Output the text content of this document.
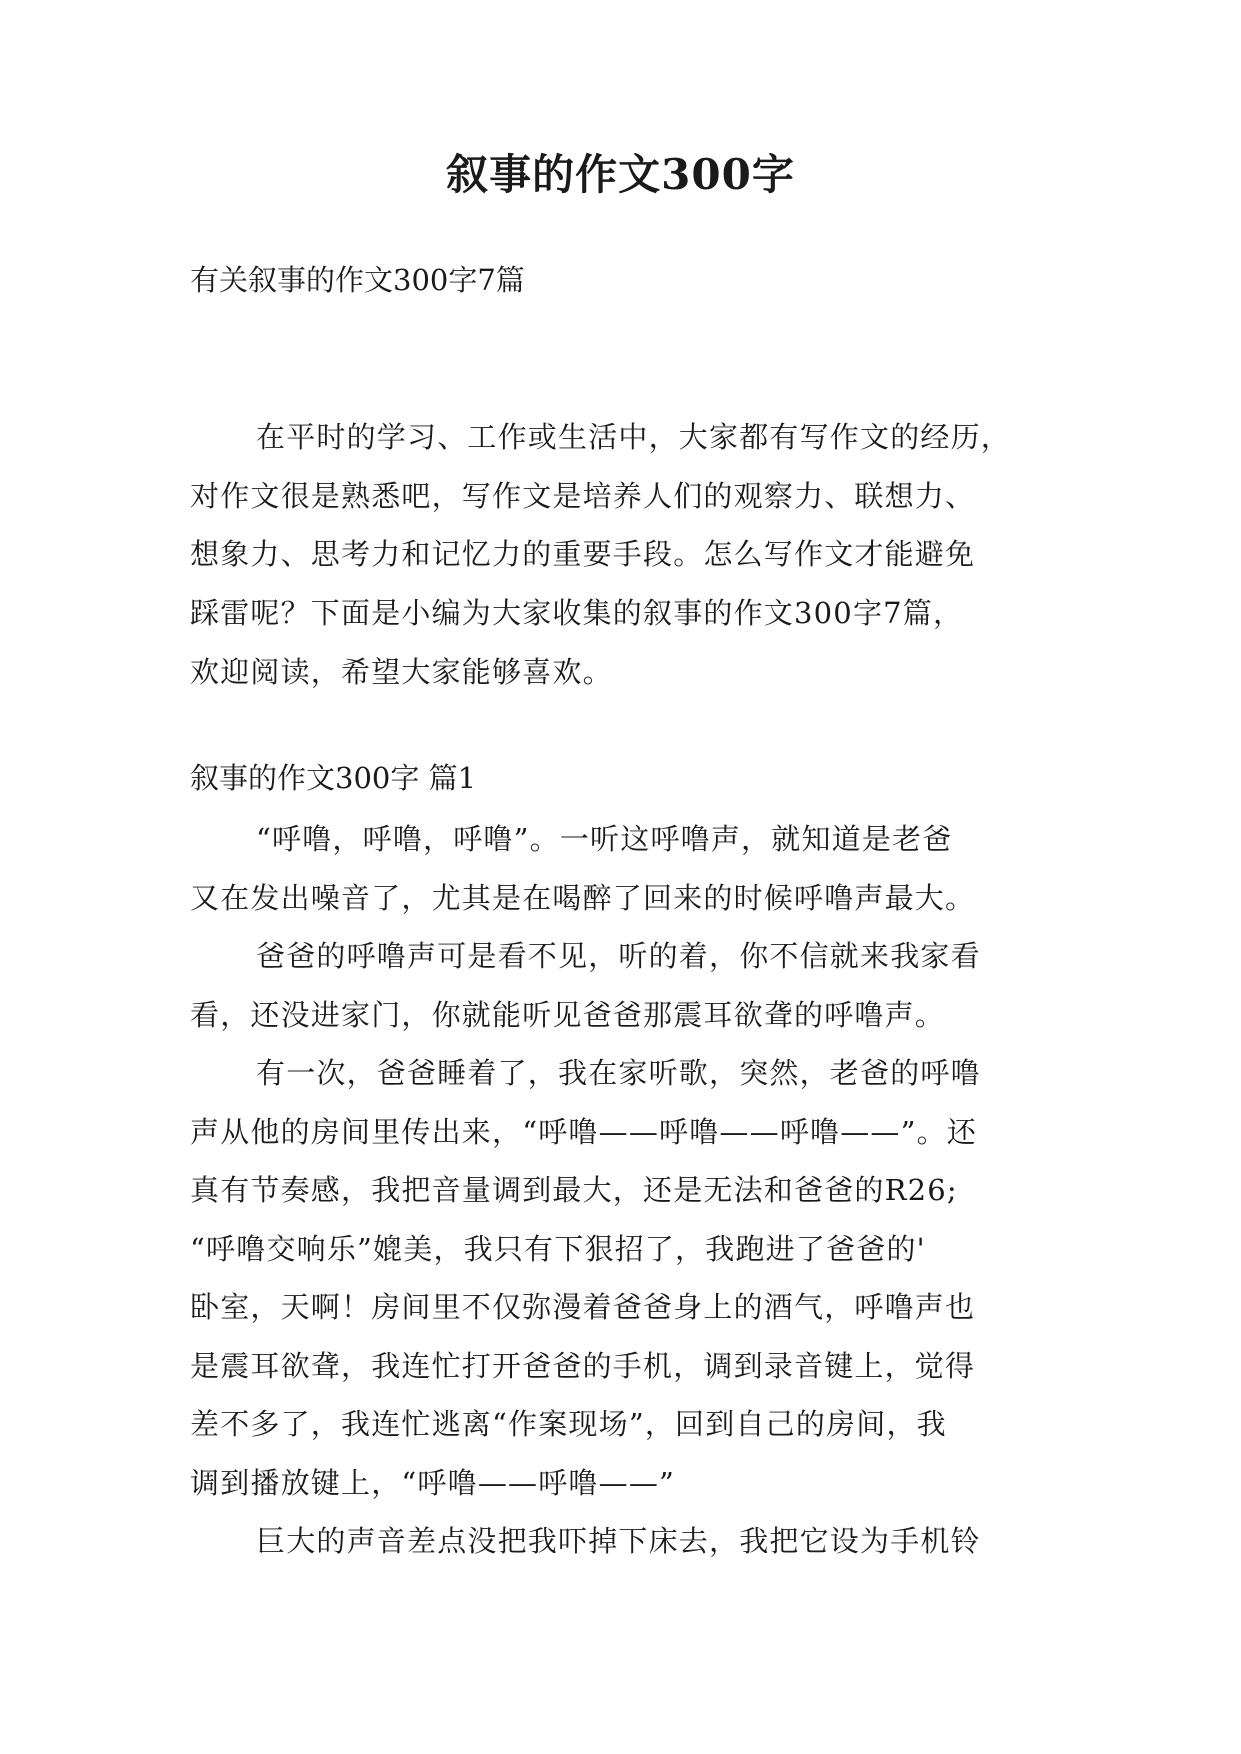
叙事的作文300字

有关叙事的作文300字7篇

在平时的学习、工作或生活中，大家都有写作文的经历，
对作文很是熟悉吧，写作文是培养人们的观察力、联想力、
想象力、思考力和记忆力的重要手段。怎么写作文才能避免
踩雷呢？下面是小编为大家收集的叙事的作文300字7篇，
欢迎阅读，希望大家能够喜欢。

叙事的作文300字 篇1

“呼噜，呼噜，呼噜”。一听这呼噜声，就知道是老爸
又在发出噪音了，尤其是在喝醉了回来的时候呼噜声最大。
爸爸的呼噜声可是看不见，听的着，你不信就来我家看
看，还没进家门，你就能听见爸爸那震耳欲聋的呼噜声。
有一次，爸爸睡着了，我在家听歌，突然，老爸的呼噜
声从他的房间里传出来，“呼噜——呼噜——呼噜——”。还
真有节奏感，我把音量调到最大，还是无法和爸爸的R26;
“呼噜交响乐”媲美，我只有下狠招了，我跑进了爸爸的'
卧室，天啊！房间里不仅弥漫着爸爸身上的酒气，呼噜声也
是震耳欲聋，我连忙打开爸爸的手机，调到录音键上，觉得
差不多了，我连忙逃离“作案现场”，回到自己的房间，我
调到播放键上，“呼噜——呼噜——”
巨大的声音差点没把我吓掉下床去，我把它设为手机铃
